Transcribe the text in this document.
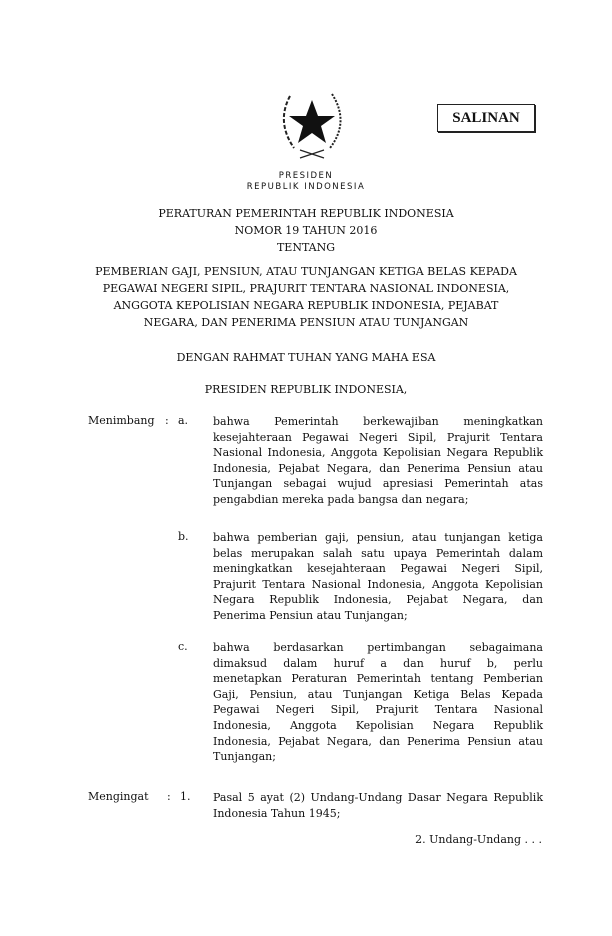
SALINAN
PRESIDEN
REPUBLIK INDONESIA
PERATURAN PEMERINTAH REPUBLIK INDONESIA
NOMOR 19 TAHUN 2016
TENTANG
PEMBERIAN GAJI, PENSIUN, ATAU TUNJANGAN KETIGA BELAS KEPADA
PEGAWAI NEGERI SIPIL, PRAJURIT TENTARA NASIONAL INDONESIA,
ANGGOTA KEPOLISIAN NEGARA REPUBLIK INDONESIA, PEJABAT
NEGARA, DAN PENERIMA PENSIUN ATAU TUNJANGAN
DENGAN RAHMAT TUHAN YANG MAHA ESA
PRESIDEN REPUBLIK INDONESIA,
Menimbang :
Mengingat :
a. bahwa Pemerintah berkewajiban meningkatkan
kesejahteraan Pegawai Negeri Sipil, Prajurit Tentara
Nasional Indonesia, Anggota Kepolisian Negara Republik
Indonesia, Pejabat Negara, dan Penerima Pensiun atau
Tunjangan sebagai wujud apresiasi Pemerintah atas
pengabdian mereka pada bangsa dan negara;
b. bahwa pemberian gaji, pensiun, atau tunjangan ketiga
belas merupakan salah satu upaya Pemerintah dalam
meningkatkan kesejahteraan Pegawai Negeri Sipil,
Prajurit Tentara Nasional Indonesia, Anggota Kepolisian
Negara Republik Indonesia, Pejabat Negara, dan
Penerima Pensiun atau Tunjangan;
c. bahwa berdasarkan pertimbangan sebagaimana
dimaksud dalam huruf a dan huruf b, perlu
menetapkan Peraturan Pemerintah tentang Pemberian
Gaji, Pensiun, atau Tunjangan Ketiga Belas Kepada
Pegawai Negeri Sipil, Prajurit Tentara Nasional
Indonesia, Anggota Kepolisian Negara Republik
Indonesia, Pejabat Negara, dan Penerima Pensiun atau
Tunjangan;
1. Pasal 5 ayat (2) Undang-Undang Dasar Negara Republik
Indonesia Tahun 1945;
2. Undang-Undang . . .
